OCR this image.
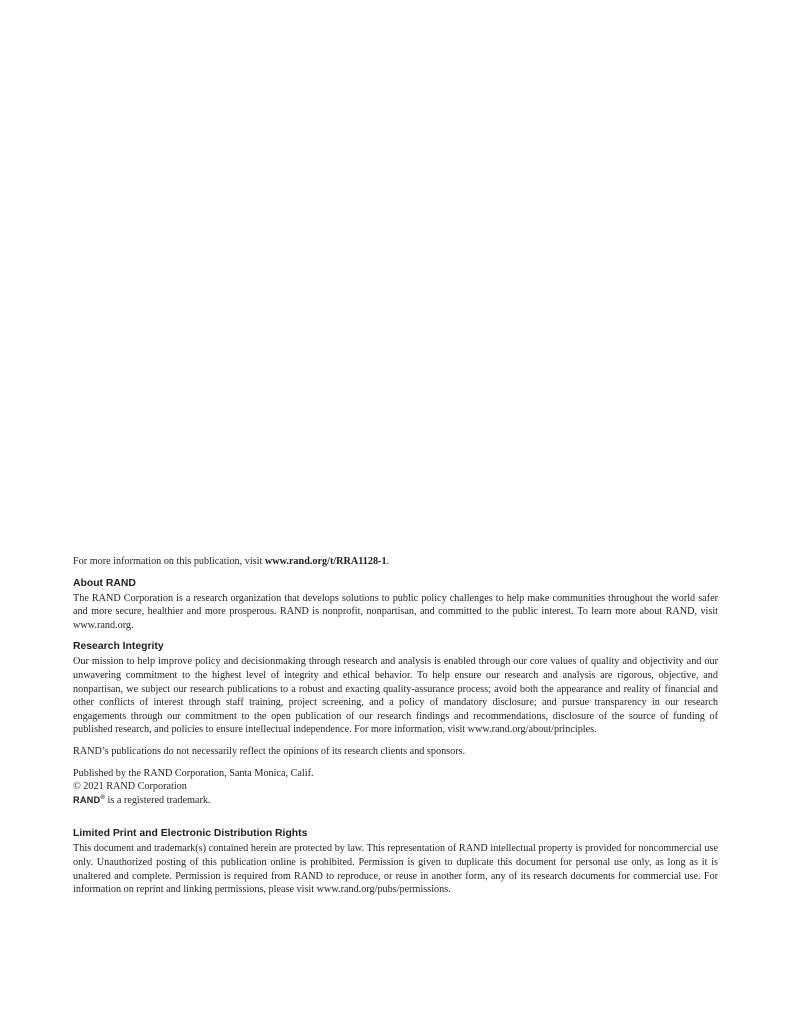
For more information on this publication, visit www.rand.org/t/RRA1128-1.

About RAND

The RAND Corporation is a research organization that develops solutions to public policy challenges to help make communities throughout the world safer and more secure, healthier and more prosperous. RAND is nonprofit, nonpartisan, and committed to the public interest. To learn more about RAND, visit www.rand.org.

Research Integrity

Our mission to help improve policy and decisionmaking through research and analysis is enabled through our core values of quality and objectivity and our unwavering commitment to the highest level of integrity and ethical behavior. To help ensure our research and analysis are rigorous, objective, and nonpartisan, we subject our research publications to a robust and exacting quality-assurance process; avoid both the appearance and reality of financial and other conflicts of interest through staff training, project screening, and a policy of mandatory disclosure; and pursue transparency in our research engagements through our commitment to the open publication of our research findings and recommendations, disclosure of the source of funding of published research, and policies to ensure intellectual independence. For more information, visit www.rand.org/about/principles.

RAND’s publications do not necessarily reflect the opinions of its research clients and sponsors.

Published by the RAND Corporation, Santa Monica, Calif.
© 2021 RAND Corporation
RAND® is a registered trademark.
Limited Print and Electronic Distribution Rights

This document and trademark(s) contained herein are protected by law. This representation of RAND intellectual property is provided for noncommercial use only. Unauthorized posting of this publication online is prohibited. Permission is given to duplicate this document for personal use only, as long as it is unaltered and complete. Permission is required from RAND to reproduce, or reuse in another form, any of its research documents for commercial use. For information on reprint and linking permissions, please visit www.rand.org/pubs/permissions.
